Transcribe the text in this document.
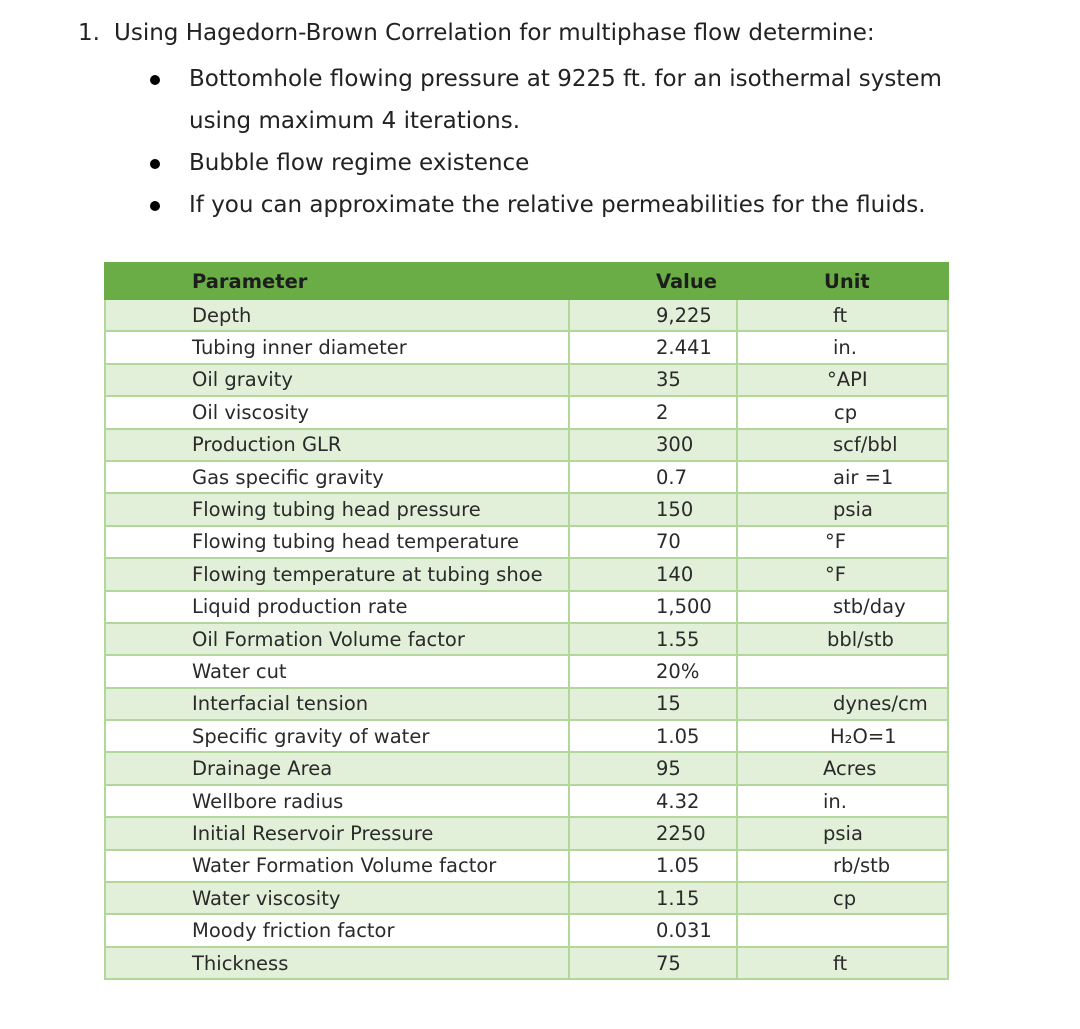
1. Using Hagedorn-Brown Correlation for multiphase flow determine:
Bottomhole flowing pressure at 9225 ft. for an isothermal system using maximum 4 iterations.
Bubble flow regime existence
If you can approximate the relative permeabilities for the fluids.
Parameter	Value	Unit
Depth	9,225	ft
Tubing inner diameter	2.441	in.
Oil gravity	35	°API
Oil viscosity	2	cp
Production GLR	300	scf/bbl
Gas specific gravity	0.7	air =1
Flowing tubing head pressure	150	psia
Flowing tubing head temperature	70	°F
Flowing temperature at tubing shoe	140	°F
Liquid production rate	1,500	stb/day
Oil Formation Volume factor	1.55	bbl/stb
Water cut	20%	
Interfacial tension	15	dynes/cm
Specific gravity of water	1.05	H₂O=1
Drainage Area	95	Acres
Wellbore radius	4.32	in.
Initial Reservoir Pressure	2250	psia
Water Formation Volume factor	1.05	rb/stb
Water viscosity	1.15	cp
Moody friction factor	0.031	
Thickness	75	ft
